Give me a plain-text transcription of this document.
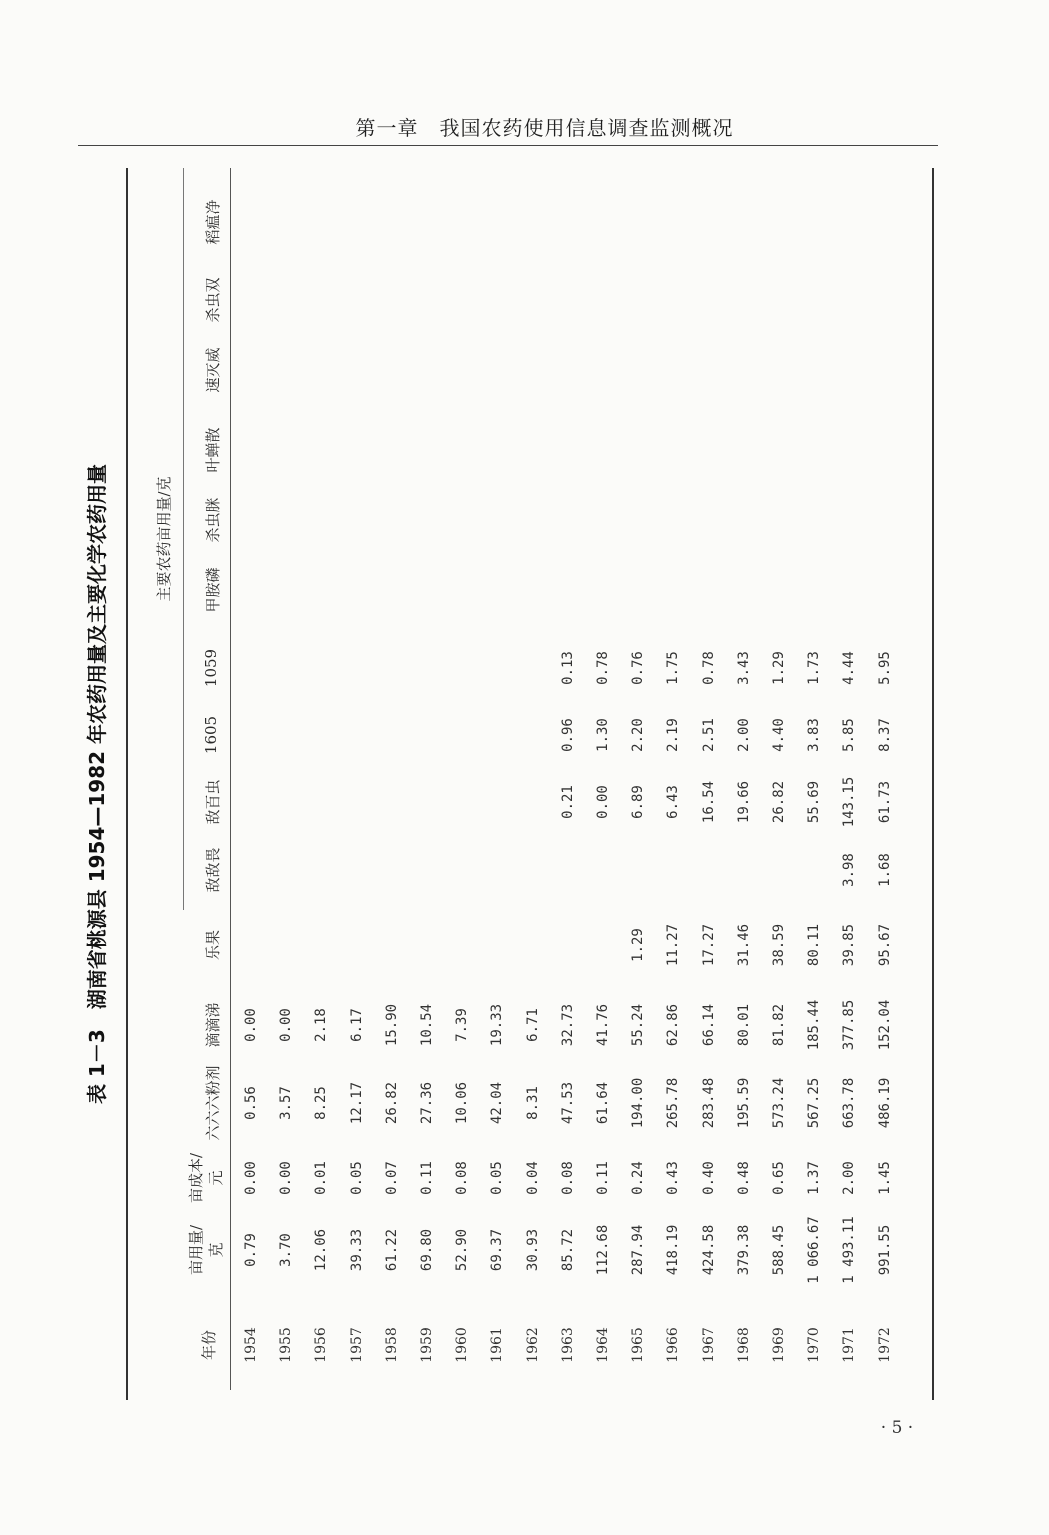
第一章　我国农药使用信息调查监测概况
表 1－3　湖南省桃源县 1954—1982 年农药用量及主要化学农药用量	主要农药亩用量/克
年份
亩用量/
克
亩成本/
元
六六六粉剂
滴滴涕
乐果
敌敌畏
敌百虫
1605
1059
甲胺磷
杀虫脒
叶蝉散
速灭威
杀虫双
稻瘟净
1954
0.79
0.00
0.56
0.00
1955
3.70
0.00
3.57
0.00
1956
12.06
0.01
8.25
2.18
1957
39.33
0.05
12.17
6.17
1958
61.22
0.07
26.82
15.90
1959
69.80
0.11
27.36
10.54
1960
52.90
0.08
10.06
7.39
1961
69.37
0.05
42.04
19.33
1962
30.93
0.04
8.31
6.71
1963
85.72
0.08
47.53
32.73
0.21
0.96
0.13
1964
112.68
0.11
61.64
41.76
0.00
1.30
0.78
1965
287.94
0.24
194.00
55.24
1.29
6.89
2.20
0.76
1966
418.19
0.43
265.78
62.86
11.27
6.43
2.19
1.75
1967
424.58
0.40
283.48
66.14
17.27
16.54
2.51
0.78
1968
379.38
0.48
195.59
80.01
31.46
19.66
2.00
3.43
1969
588.45
0.65
573.24
81.82
38.59
26.82
4.40
1.29
1970
1 066.67
1.37
567.25
185.44
80.11
55.69
3.83
1.73
1971
1 493.11
2.00
663.78
377.85
39.85
3.98
143.15
5.85
4.44
1972
991.55
1.45
486.19
152.04
95.67
1.68
61.73
8.37
5.95
· 5 ·
